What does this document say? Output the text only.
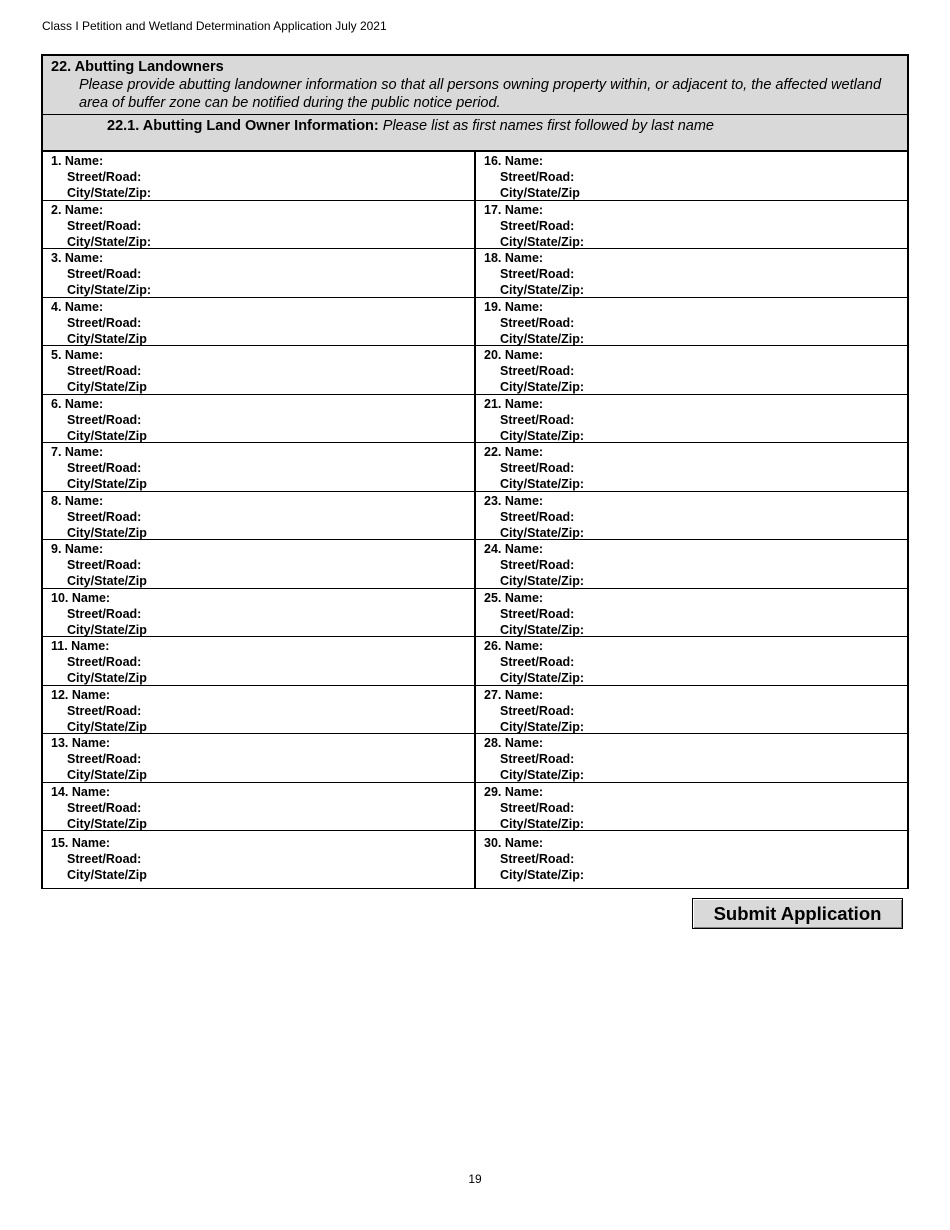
Class I Petition and Wetland Determination Application July 2021
22. Abutting Landowners
Please provide abutting landowner information so that all persons owning property within, or adjacent to, the affected wetland area of buffer zone can be notified during the public notice period.
22.1. Abutting Land Owner Information: Please list as first names first followed by last name
1. Name:
Street/Road:
City/State/Zip:
16. Name:
Street/Road:
City/State/Zip
2. Name:
Street/Road:
City/State/Zip:
17. Name:
Street/Road:
City/State/Zip:
3. Name:
Street/Road:
City/State/Zip:
18. Name:
Street/Road:
City/State/Zip:
4. Name:
Street/Road:
City/State/Zip
19. Name:
Street/Road:
City/State/Zip:
5. Name:
Street/Road:
City/State/Zip
20. Name:
Street/Road:
City/State/Zip:
6. Name:
Street/Road:
City/State/Zip
21. Name:
Street/Road:
City/State/Zip:
7. Name:
Street/Road:
City/State/Zip
22. Name:
Street/Road:
City/State/Zip:
8. Name:
Street/Road:
City/State/Zip
23. Name:
Street/Road:
City/State/Zip:
9. Name:
Street/Road:
City/State/Zip
24. Name:
Street/Road:
City/State/Zip:
10. Name:
Street/Road:
City/State/Zip
25. Name:
Street/Road:
City/State/Zip:
11. Name:
Street/Road:
City/State/Zip
26. Name:
Street/Road:
City/State/Zip:
12. Name:
Street/Road:
City/State/Zip
27. Name:
Street/Road:
City/State/Zip:
13. Name:
Street/Road:
City/State/Zip
28. Name:
Street/Road:
City/State/Zip:
14. Name:
Street/Road:
City/State/Zip
29. Name:
Street/Road:
City/State/Zip:
15. Name:
Street/Road:
City/State/Zip
30. Name:
Street/Road:
City/State/Zip:
Submit Application
19
